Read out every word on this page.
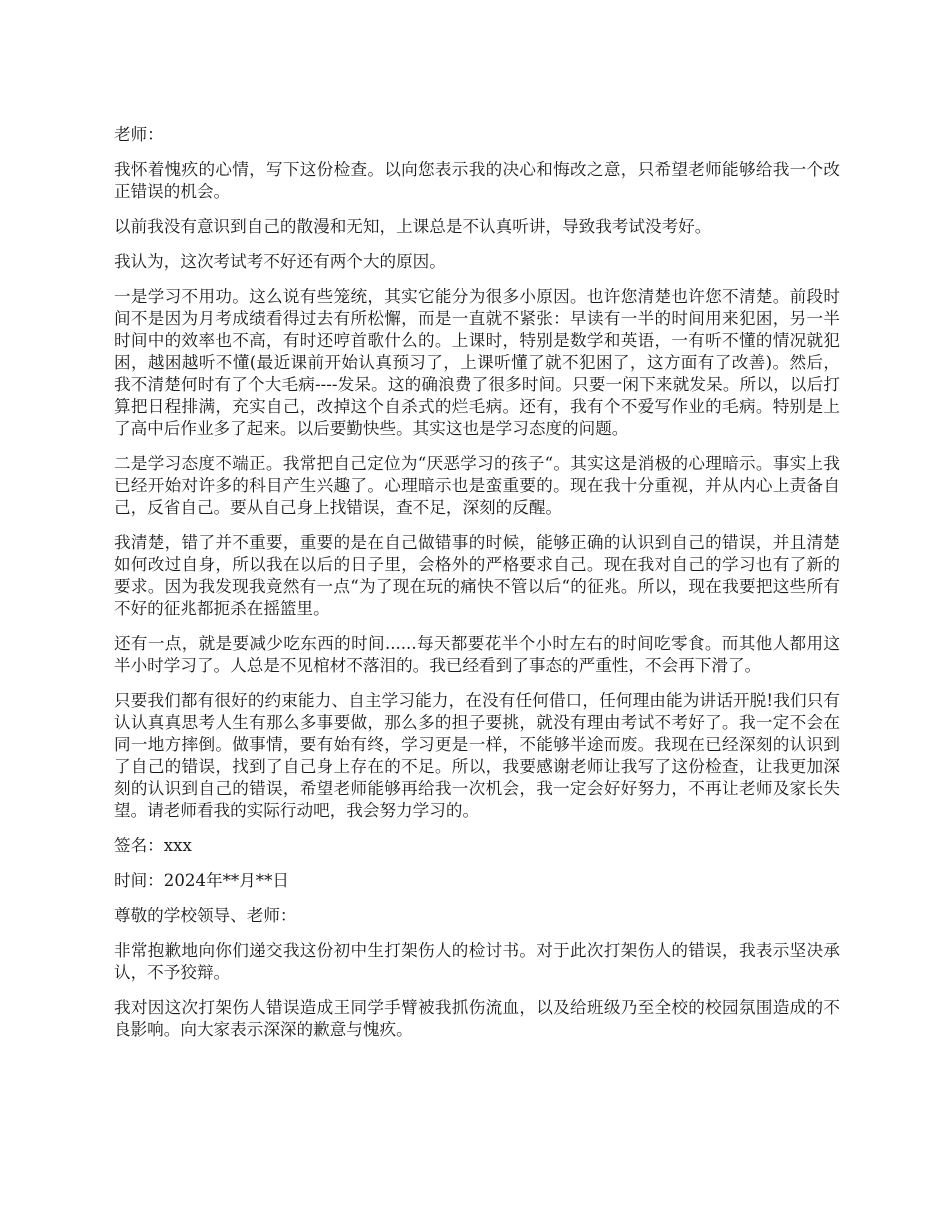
老师：

我怀着愧疚的心情，写下这份检查。以向您表示我的决心和悔改之意，只希望老师能够给我一个改正错误的机会。

以前我没有意识到自己的散漫和无知，上课总是不认真听讲，导致我考试没考好。

我认为，这次考试考不好还有两个大的原因。

一是学习不用功。这么说有些笼统，其实它能分为很多小原因。也许您清楚也许您不清楚。前段时间不是因为月考成绩看得过去有所松懈，而是一直就不紧张：早读有一半的时间用来犯困，另一半时间中的效率也不高，有时还哼首歌什么的。上课时，特别是数学和英语，一有听不懂的情况就犯困，越困越听不懂(最近课前开始认真预习了，上课听懂了就不犯困了，这方面有了改善)。然后，我不清楚何时有了个大毛病----发呆。这的确浪费了很多时间。只要一闲下来就发呆。所以，以后打算把日程排满，充实自己，改掉这个自杀式的烂毛病。还有，我有个不爱写作业的毛病。特别是上了高中后作业多了起来。以后要勤快些。其实这也是学习态度的问题。

二是学习态度不端正。我常把自己定位为“厌恶学习的孩子“。其实这是消极的心理暗示。事实上我已经开始对许多的科目产生兴趣了。心理暗示也是蛮重要的。现在我十分重视，并从内心上责备自己，反省自己。要从自己身上找错误，查不足，深刻的反醒。

我清楚，错了并不重要，重要的是在自己做错事的时候，能够正确的认识到自己的错误，并且清楚如何改过自身，所以我在以后的日子里，会格外的严格要求自己。现在我对自己的学习也有了新的要求。因为我发现我竟然有一点“为了现在玩的痛快不管以后“的征兆。所以，现在我要把这些所有不好的征兆都扼杀在摇篮里。

还有一点，就是要减少吃东西的时间......每天都要花半个小时左右的时间吃零食。而其他人都用这半小时学习了。人总是不见棺材不落泪的。我已经看到了事态的严重性，不会再下滑了。

只要我们都有很好的约束能力、自主学习能力，在没有任何借口，任何理由能为讲话开脱!我们只有认认真真思考人生有那么多事要做，那么多的担子要挑，就没有理由考试不考好了。我一定不会在同一地方摔倒。做事情，要有始有终，学习更是一样，不能够半途而废。我现在已经深刻的认识到了自己的错误，找到了自己身上存在的不足。所以，我要感谢老师让我写了这份检查，让我更加深刻的认识到自己的错误，希望老师能够再给我一次机会，我一定会好好努力，不再让老师及家长失望。请老师看我的实际行动吧，我会努力学习的。

签名：xxx

时间：2024年**月**日

尊敬的学校领导、老师：

非常抱歉地向你们递交我这份初中生打架伤人的检讨书。对于此次打架伤人的错误，我表示坚决承认，不予狡辩。

我对因这次打架伤人错误造成王同学手臂被我抓伤流血，以及给班级乃至全校的校园氛围造成的不良影响。向大家表示深深的歉意与愧疚。
